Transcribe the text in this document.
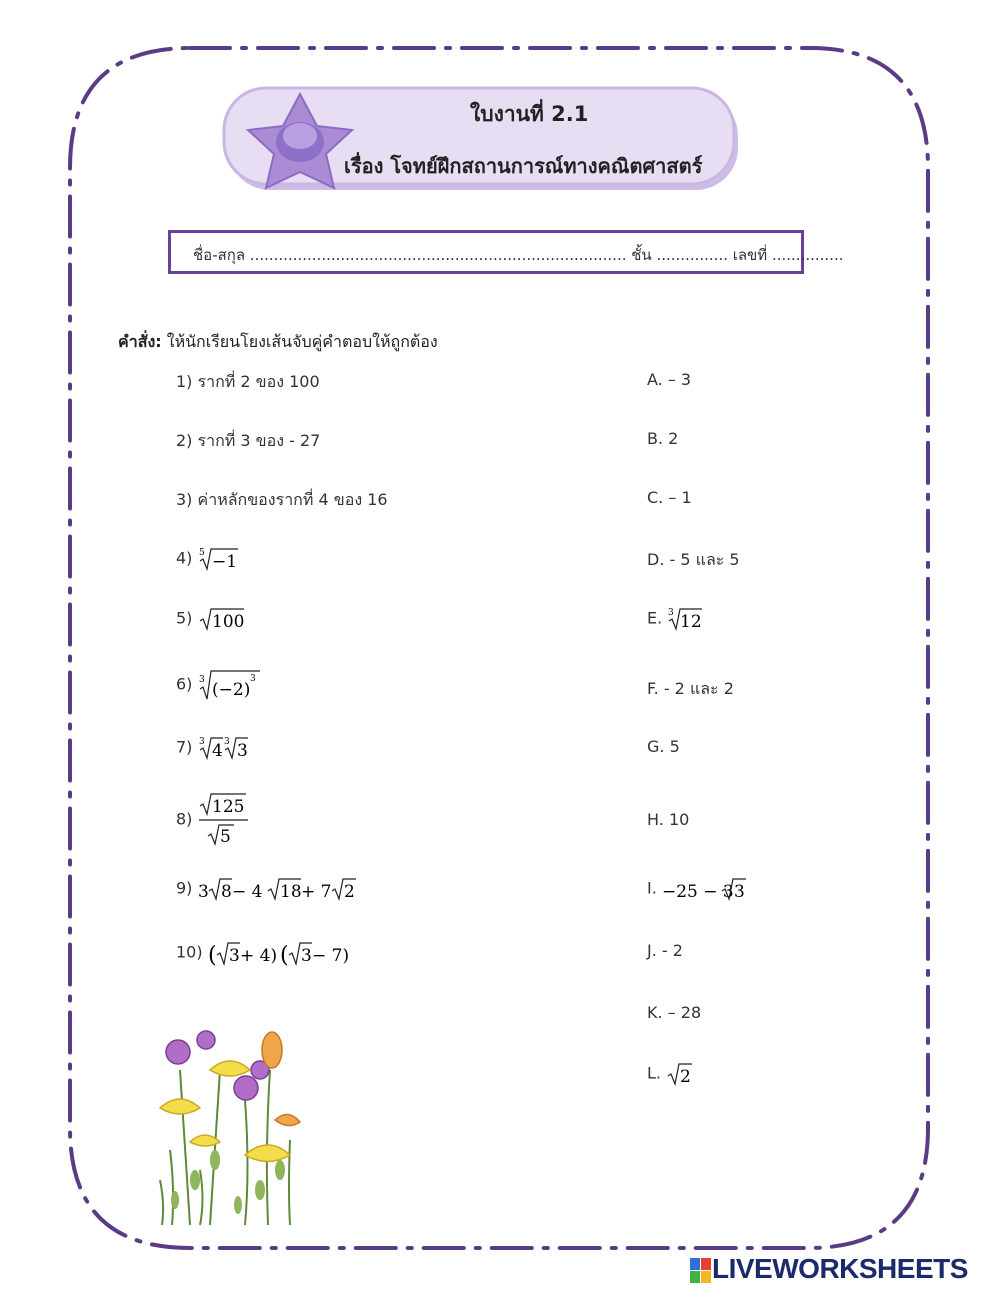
ใบงานที่ 2.1
เรื่อง โจทย์ฝึกสถานการณ์ทางคณิตศาสตร์
ชื่อ-สกุล ............................................................................... ชั้น ............... เลขที่ ...............
คำสั่ง: ให้นักเรียนโยงเส้นจับคู่คำตอบให้ถูกต้อง
1) รากที่ 2 ของ 100
2) รากที่ 3 ของ - 27
3) ค่าหลักของรากที่ 4 ของ 16
4) 5 −1
5) 100
6) 3 (−2)
3
7) 3 4 3 3
8)
125
5
9) 3 8 − 4 18 + 7 2
10) ( 3 + 4) ( 3 − 7)
A. – 3
B. 2
C. – 1
D. - 5 และ 5
E. 3 12
F. - 2 และ 2
G. 5
H. 10
I. −25 − 3 3
J. - 2
K. – 28
L. 2
LIVEWORKSHEETS
